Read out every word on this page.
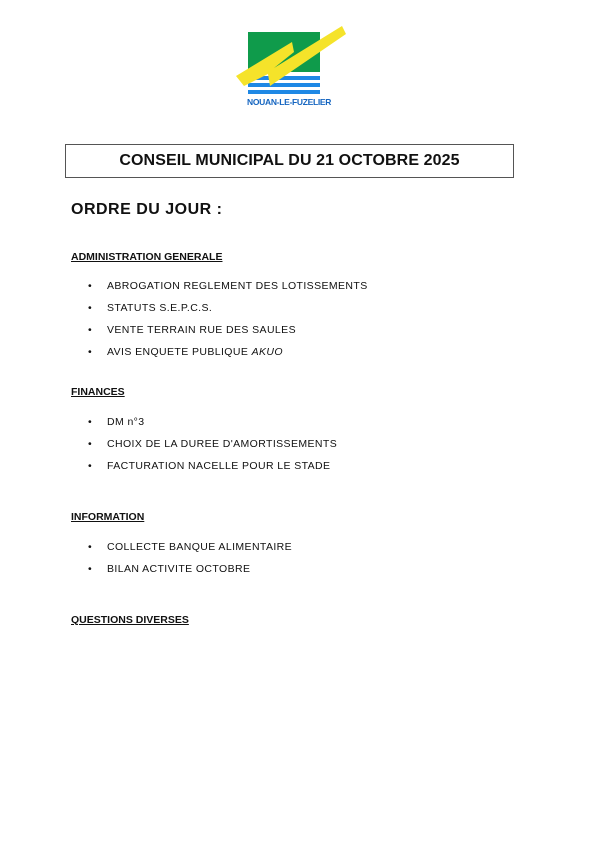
NOUAN-LE-FUZELIER
CONSEIL MUNICIPAL DU 21 OCTOBRE 2025
ORDRE DU JOUR :
ADMINISTRATION GENERALE
•	ABROGATION REGLEMENT DES LOTISSEMENTS
•	STATUTS S.E.P.C.S.
•	VENTE TERRAIN RUE DES SAULES
•	AVIS ENQUETE PUBLIQUE
AKUO
FINANCES
•	DM n°3
•	CHOIX DE LA DUREE D'AMORTISSEMENTS
•	FACTURATION NACELLE POUR LE STADE
INFORMATION
•	COLLECTE BANQUE ALIMENTAIRE
•	BILAN ACTIVITE OCTOBRE
QUESTIONS DIVERSES
